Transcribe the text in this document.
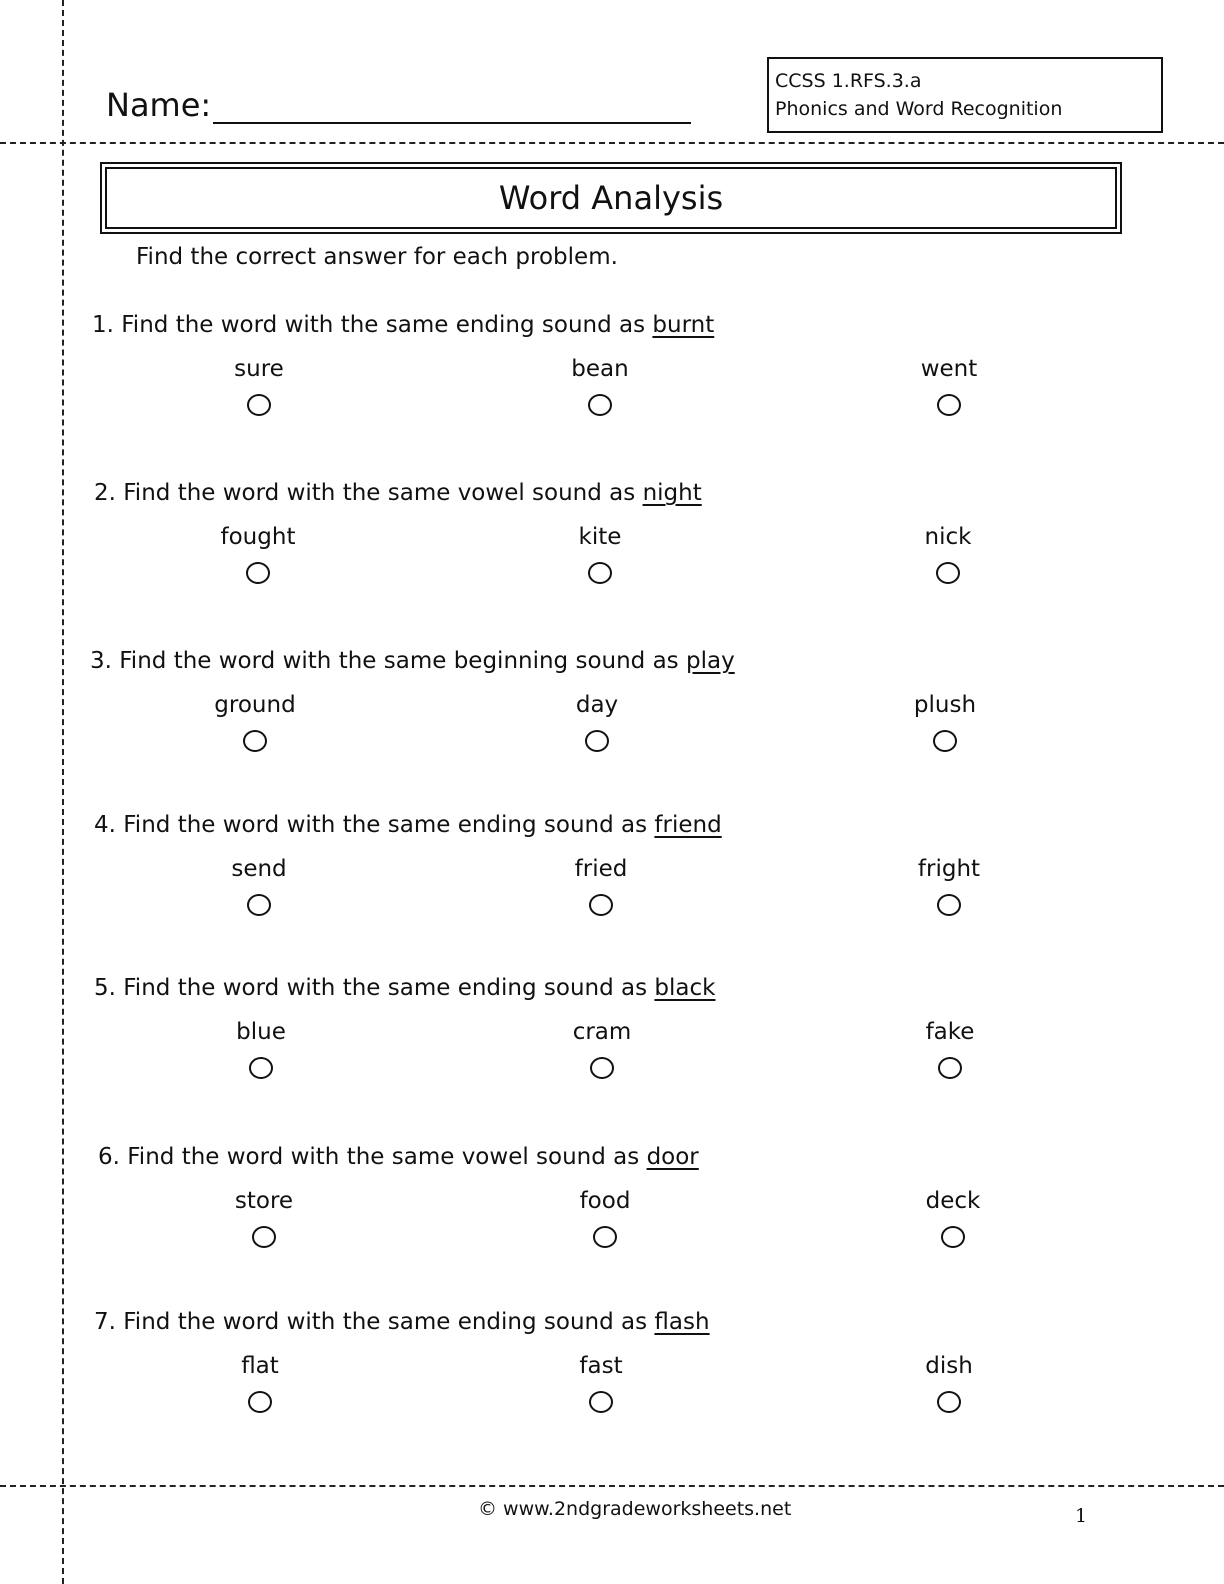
Name:
CCSS 1.RFS.3.a
Phonics and Word Recognition
Word Analysis
Find the correct answer for each problem.
1. Find the word with the same ending sound as burnt
sure	bean	went
2. Find the word with the same vowel sound as night
fought	kite	nick
3. Find the word with the same beginning sound as play
ground	day	plush
4. Find the word with the same ending sound as friend
send	fried	fright
5. Find the word with the same ending sound as black
blue	cram	fake
6. Find the word with the same vowel sound as door
store	food	deck
7. Find the word with the same ending sound as flash
flat	fast	dish
© www.2ndgradeworksheets.net	1
